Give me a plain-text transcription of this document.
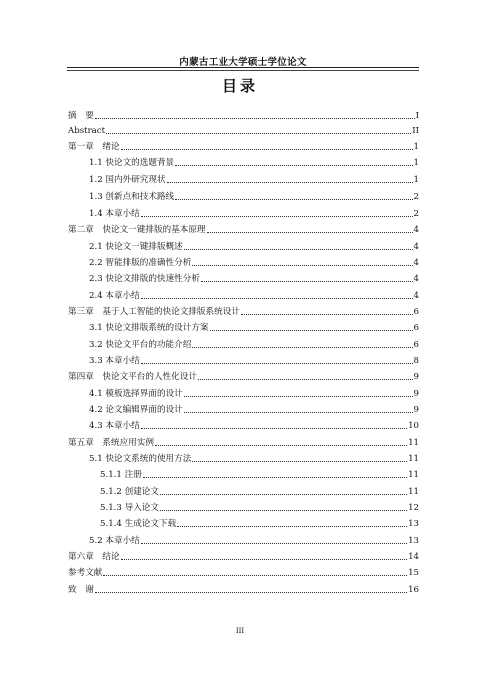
内蒙古工业大学硕士学位论文
目录
摘　要	I
Abstract	II
第一章　绪论	1
1.1 快论文的选题背景	1
1.2 国内外研究现状	1
1.3 创新点和技术路线	2
1.4 本章小结	2
第二章　快论文一键排版的基本原理	4
2.1 快论文一键排版概述	4
2.2 智能排版的准确性分析	4
2.3 快论文排版的快速性分析	4
2.4 本章小结	4
第三章　基于人工智能的快论文排版系统设计	6
3.1 快论文排版系统的设计方案	6
3.2 快论文平台的功能介绍	6
3.3 本章小结	8
第四章　快论文平台的人性化设计	9
4.1 模板选择界面的设计	9
4.2 论文编辑界面的设计	9
4.3 本章小结	10
第五章　系统应用实例	11
5.1 快论文系统的使用方法	11
5.1.1 注册	11
5.1.2 创建论文	11
5.1.3 导入论文	12
5.1.4 生成论文下载	13
5.2 本章小结	13
第六章　结论	14
参考文献	15
致　谢	16
III
